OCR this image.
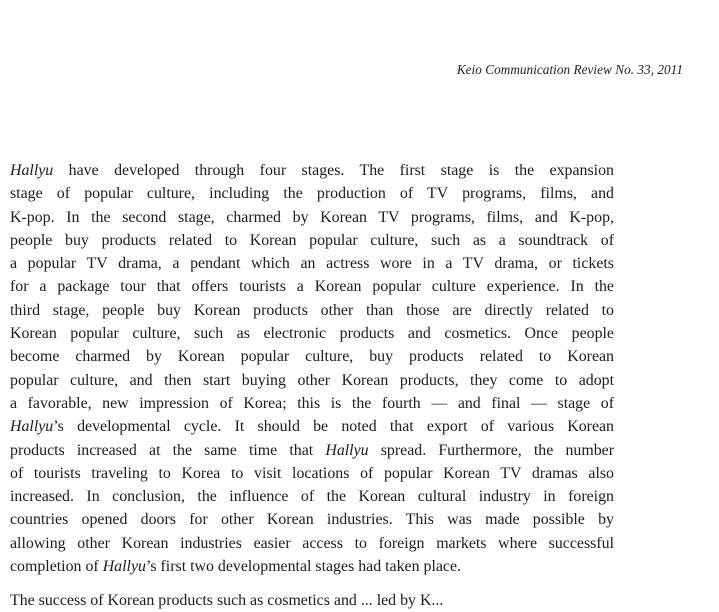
Keio Communication Review No. 33, 2011
Hallyu have developed through four stages. The first stage is the expansion
stage of popular culture, including the production of TV programs, films, and
K-pop. In the second stage, charmed by Korean TV programs, films, and K-pop,
people buy products related to Korean popular culture, such as a soundtrack of
a popular TV drama, a pendant which an actress wore in a TV drama, or tickets
for a package tour that offers tourists a Korean popular culture experience. In the
third stage, people buy Korean products other than those are directly related to
Korean popular culture, such as electronic products and cosmetics. Once people
become charmed by Korean popular culture, buy products related to Korean
popular culture, and then start buying other Korean products, they come to adopt
a favorable, new impression of Korea; this is the fourth — and final — stage of
Hallyu’s developmental cycle. It should be noted that export of various Korean
products increased at the same time that Hallyu spread. Furthermore, the number
of tourists traveling to Korea to visit locations of popular Korean TV dramas also
increased. In conclusion, the influence of the Korean cultural industry in foreign
countries opened doors for other Korean industries. This was made possible by
allowing other Korean industries easier access to foreign markets where successful
completion of Hallyu’s first two developmental stages had taken place.
The success of Korean products such as cosmetics and ... led by K...
